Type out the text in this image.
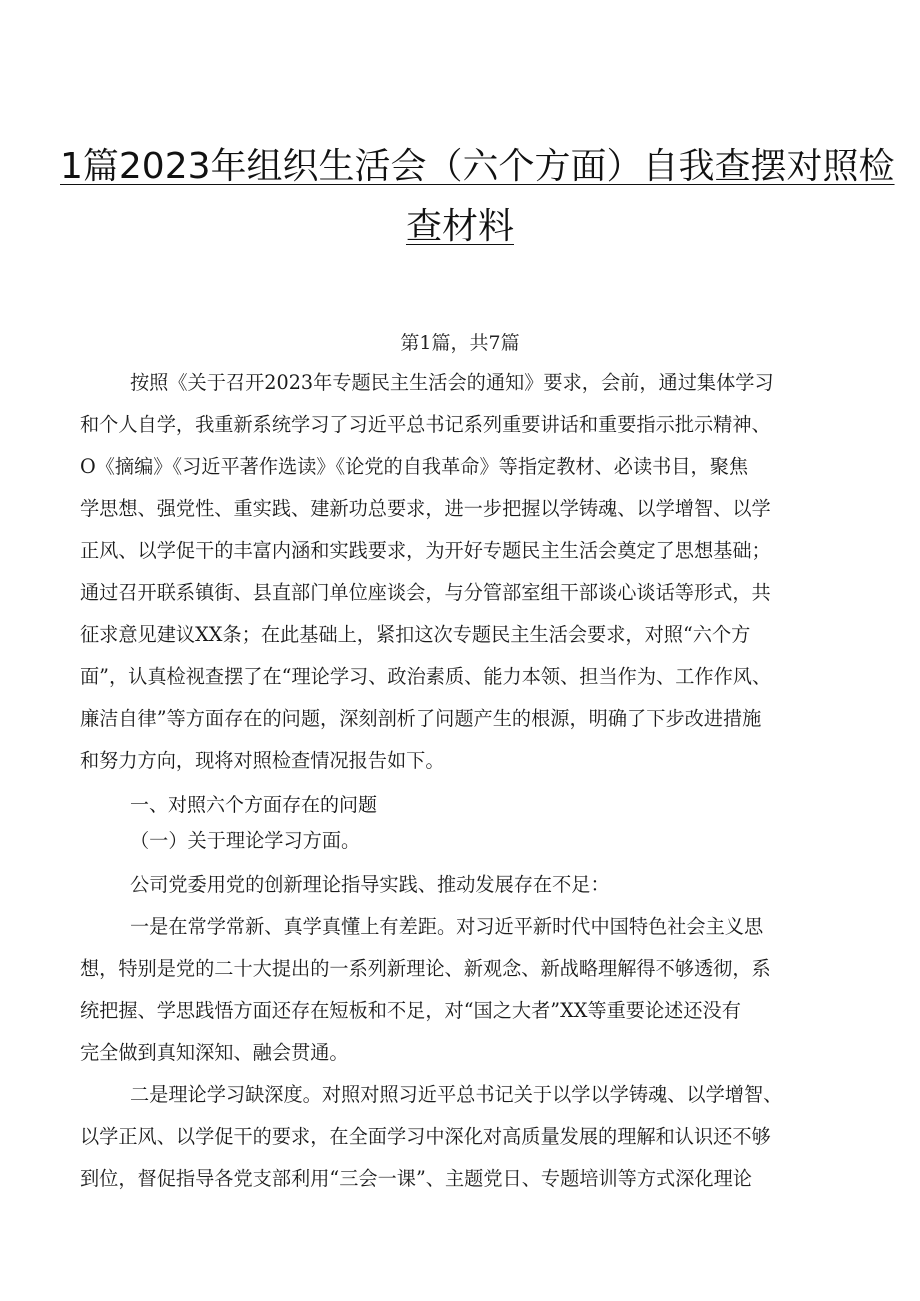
1篇2023年组织生活会（六个方面）自我查摆对照检
查材料
第1篇，共7篇
按照《关于召开2023年专题民主生活会的通知》要求，会前，通过集体学习
和个人自学，我重新系统学习了习近平总书记系列重要讲话和重要指示批示精神、
O《摘编》《习近平著作选读》《论党的自我革命》等指定教材、必读书目，聚焦
学思想、强党性、重实践、建新功总要求，进一步把握以学铸魂、以学增智、以学
正风、以学促干的丰富内涵和实践要求，为开好专题民主生活会奠定了思想基础；
通过召开联系镇街、县直部门单位座谈会，与分管部室组干部谈心谈话等形式，共
征求意见建议XX条；在此基础上，紧扣这次专题民主生活会要求，对照“六个方
面”，认真检视查摆了在“理论学习、政治素质、能力本领、担当作为、工作作风、
廉洁自律”等方面存在的问题，深刻剖析了问题产生的根源，明确了下步改进措施
和努力方向，现将对照检查情况报告如下。
一、对照六个方面存在的问题
（一）关于理论学习方面。
公司党委用党的创新理论指导实践、推动发展存在不足：
一是在常学常新、真学真懂上有差距。对习近平新时代中国特色社会主义思
想，特别是党的二十大提出的一系列新理论、新观念、新战略理解得不够透彻，系
统把握、学思践悟方面还存在短板和不足，对“国之大者”XX等重要论述还没有
完全做到真知深知、融会贯通。
二是理论学习缺深度。对照对照习近平总书记关于以学以学铸魂、以学增智、
以学正风、以学促干的要求，在全面学习中深化对高质量发展的理解和认识还不够
到位，督促指导各党支部利用“三会一课”、主题党日、专题培训等方式深化理论
